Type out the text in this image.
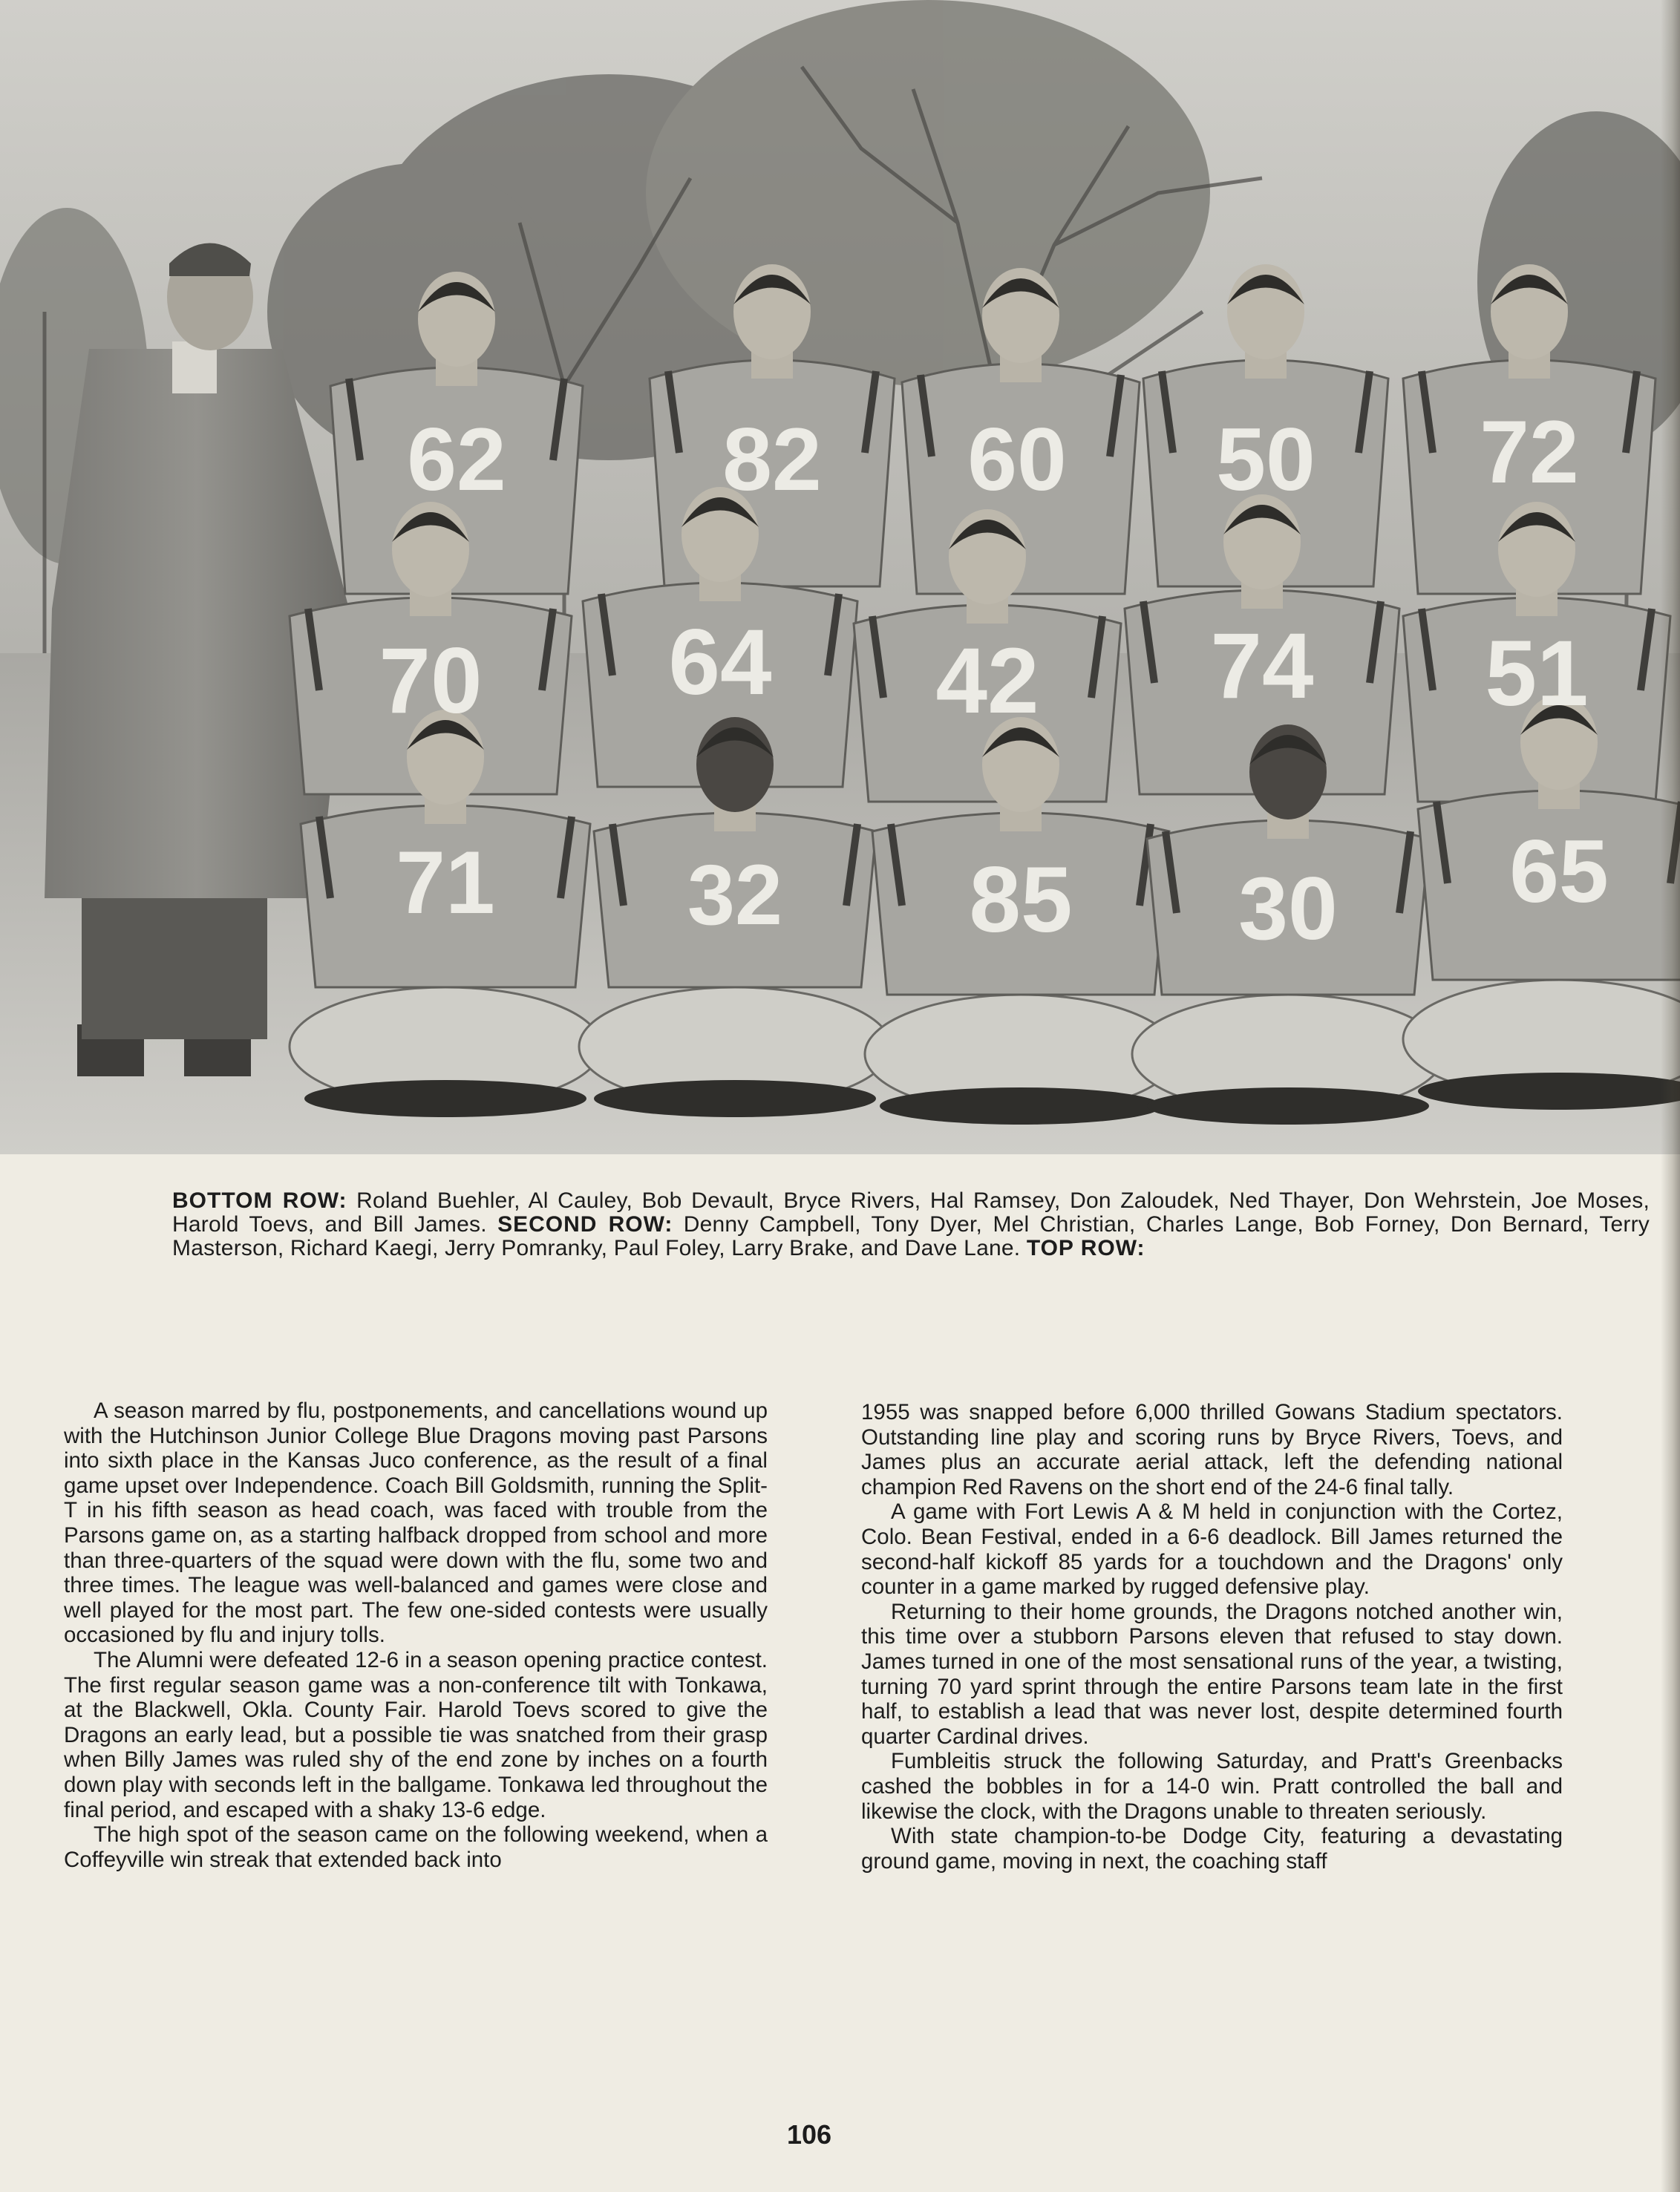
62 82 60 50 72
70 64 42 74 51
71 32 85 30 65
BOTTOM ROW: Roland Buehler, Al Cauley, Bob Devault, Bryce Rivers, Hal Ramsey, Don Zaloudek, Ned Thayer, Don Wehrstein, Joe Moses, Harold Toevs, and Bill James. SECOND ROW: Denny Campbell, Tony Dyer, Mel Christian, Charles Lange, Bob Forney, Don Bernard, Terry Masterson, Richard Kaegi, Jerry Pomranky, Paul Foley, Larry Brake, and Dave Lane. TOP ROW:

A season marred by flu, postponements, and cancellations wound up with the Hutchinson Junior College Blue Dragons moving past Parsons into sixth place in the Kansas Juco conference, as the result of a final game upset over Independence. Coach Bill Goldsmith, running the Split-T in his fifth season as head coach, was faced with trouble from the Parsons game on, as a starting halfback dropped from school and more than three-quarters of the squad were down with the flu, some two and three times. The league was well-balanced and games were close and well played for the most part. The few one-sided contests were usually occasioned by flu and injury tolls.

The Alumni were defeated 12-6 in a season opening practice contest. The first regular season game was a non-conference tilt with Tonkawa, at the Blackwell, Okla. County Fair. Harold Toevs scored to give the Dragons an early lead, but a possible tie was snatched from their grasp when Billy James was ruled shy of the end zone by inches on a fourth down play with seconds left in the ballgame. Tonkawa led throughout the final period, and escaped with a shaky 13-6 edge.

The high spot of the season came on the following weekend, when a Coffeyville win streak that extended back into

1955 was snapped before 6,000 thrilled Gowans Stadium spectators. Outstanding line play and scoring runs by Bryce Rivers, Toevs, and James plus an accurate aerial attack, left the defending national champion Red Ravens on the short end of the 24-6 final tally.

A game with Fort Lewis A & M held in conjunction with the Cortez, Colo. Bean Festival, ended in a 6-6 deadlock. Bill James returned the second-half kickoff 85 yards for a touchdown and the Dragons' only counter in a game marked by rugged defensive play.

Returning to their home grounds, the Dragons notched another win, this time over a stubborn Parsons eleven that refused to stay down. James turned in one of the most sensational runs of the year, a twisting, turning 70 yard sprint through the entire Parsons team late in the first half, to establish a lead that was never lost, despite determined fourth quarter Cardinal drives.

Fumbleitis struck the following Saturday, and Pratt's Greenbacks cashed the bobbles in for a 14-0 win. Pratt controlled the ball and likewise the clock, with the Dragons unable to threaten seriously.

With state champion-to-be Dodge City, featuring a devastating ground game, moving in next, the coaching staff

106
